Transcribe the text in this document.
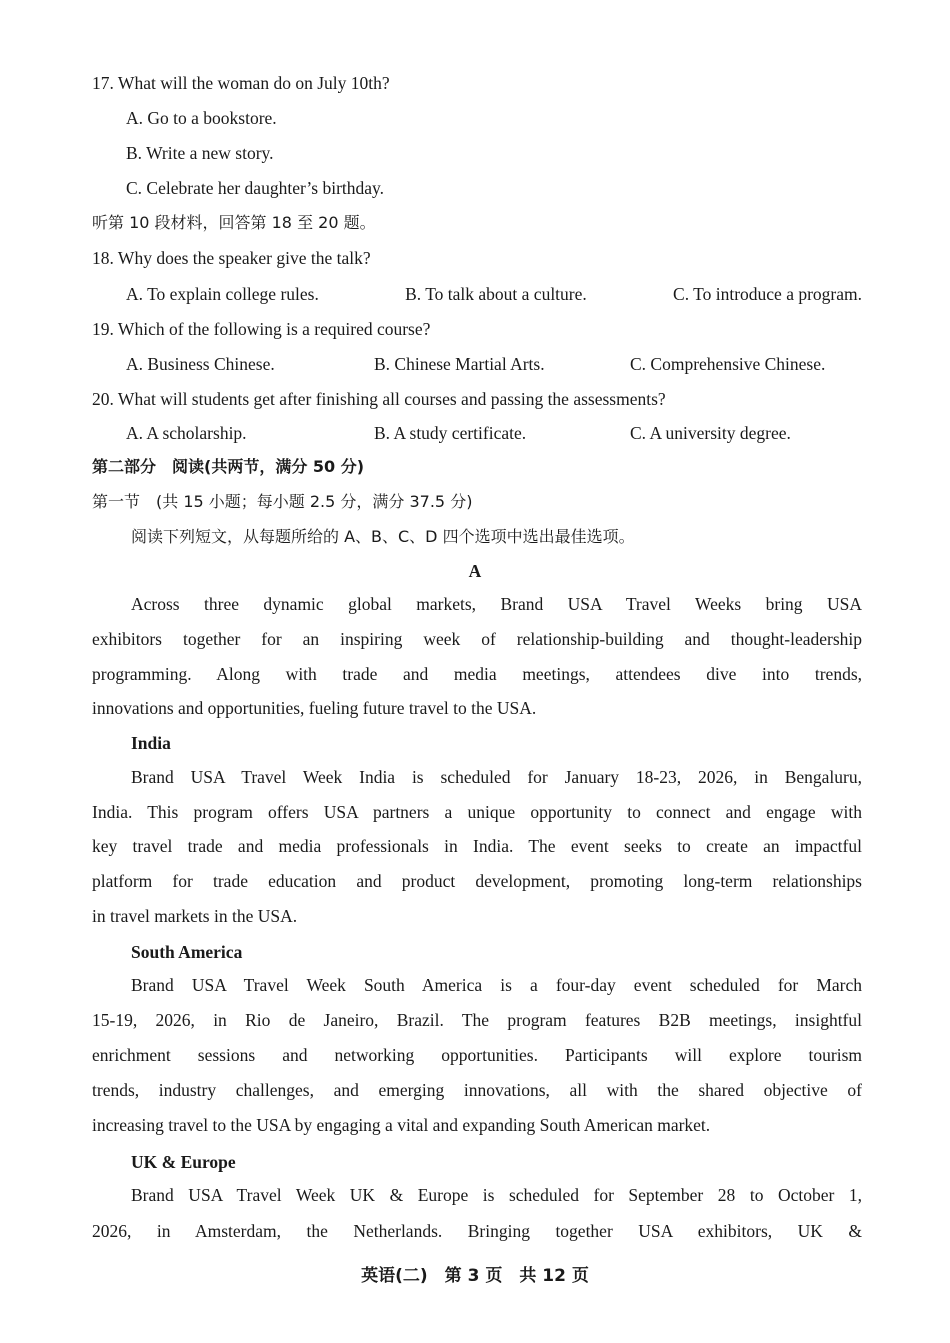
17. What will the woman do on July 10th?
A. Go to a bookstore.
B. Write a new story.
C. Celebrate her daughter’s birthday.
听第 10 段材料，回答第 18 至 20 题。
18. Why does the speaker give the talk?
A. To explain college rules.	B. To talk about a culture.	C. To introduce a program.
19. Which of the following is a required course?
A. Business Chinese.	B. Chinese Martial Arts.	C. Comprehensive Chinese.
20. What will students get after finishing all courses and passing the assessments?
A. A scholarship.	B. A study certificate.	C. A university degree.
第二部分　阅读(共两节，满分 50 分)
第一节　(共 15 小题；每小题 2.5 分，满分 37.5 分)
阅读下列短文，从每题所给的 A、B、C、D 四个选项中选出最佳选项。
A
Across three dynamic global markets, Brand USA Travel Weeks bring USA
exhibitors together for an inspiring week of relationship-building and thought-leadership
programming. Along with trade and media meetings, attendees dive into trends,
innovations and opportunities, fueling future travel to the USA.
India
Brand USA Travel Week India is scheduled for January 18-23, 2026, in Bengaluru,
India. This program offers USA partners a unique opportunity to connect and engage with
key travel trade and media professionals in India. The event seeks to create an impactful
platform for trade education and product development, promoting long-term relationships
in travel markets in the USA.
South America
Brand USA Travel Week South America is a four-day event scheduled for March
15-19, 2026, in Rio de Janeiro, Brazil. The program features B2B meetings, insightful
enrichment sessions and networking opportunities. Participants will explore tourism
trends, industry challenges, and emerging innovations, all with the shared objective of
increasing travel to the USA by engaging a vital and expanding South American market.
UK & Europe
Brand USA Travel Week UK & Europe is scheduled for September 28 to October 1,
2026, in Amsterdam, the Netherlands. Bringing together USA exhibitors, UK &
英语(二)　第 3 页　共 12 页
